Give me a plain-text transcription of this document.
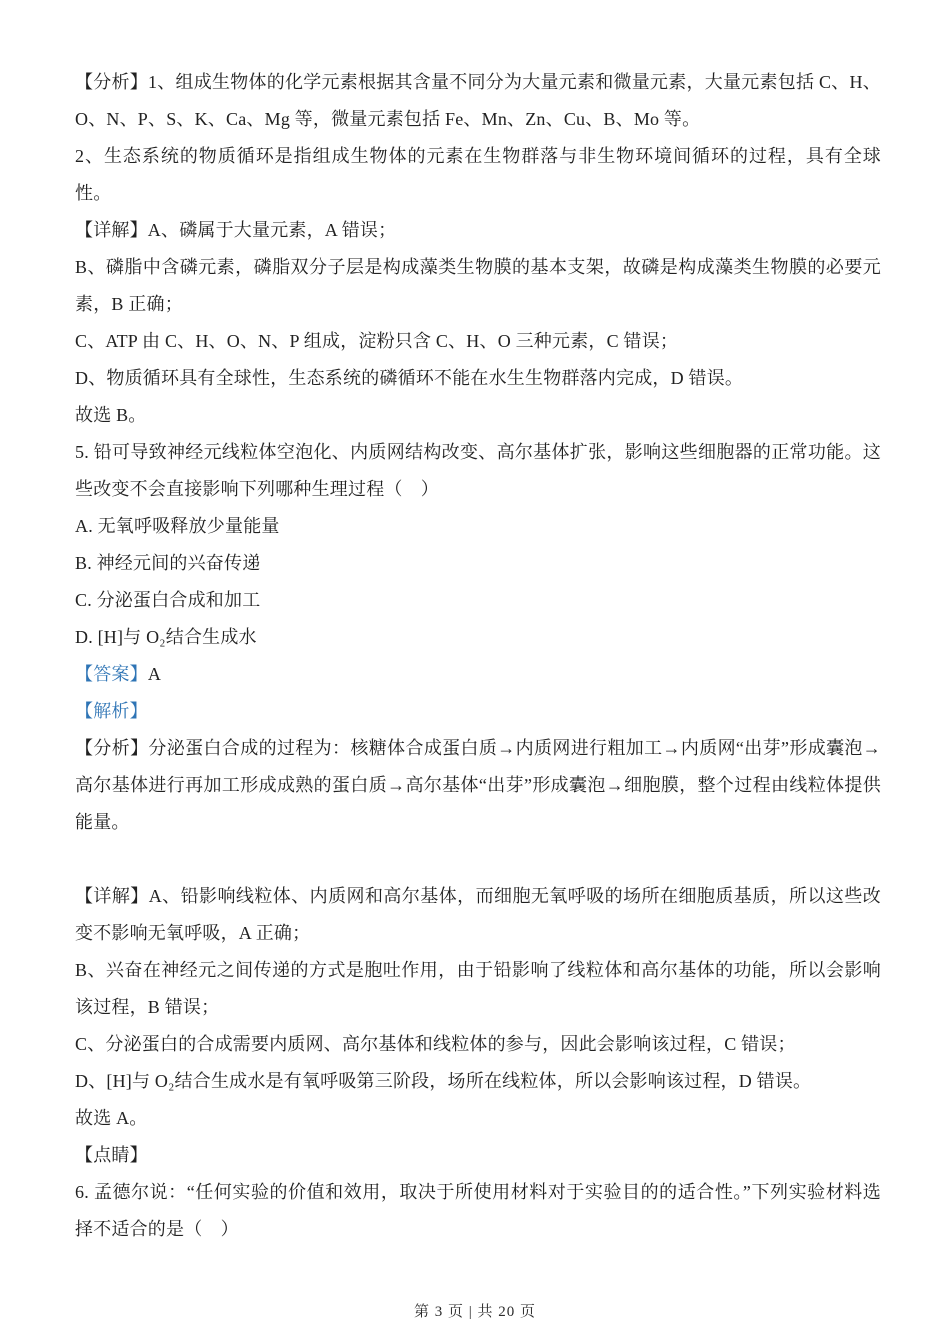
【分析】1、组成生物体的化学元素根据其含量不同分为大量元素和微量元素，大量元素包括 C、H、O、N、P、S、K、Ca、Mg 等，微量元素包括 Fe、Mn、Zn、Cu、B、Mo 等。

2、生态系统的物质循环是指组成生物体的元素在生物群落与非生物环境间循环的过程，具有全球性。

【详解】A、磷属于大量元素，A 错误；

B、磷脂中含磷元素，磷脂双分子层是构成藻类生物膜的基本支架，故磷是构成藻类生物膜的必要元素，B 正确；

C、ATP 由 C、H、O、N、P 组成，淀粉只含 C、H、O 三种元素，C 错误；

D、物质循环具有全球性，生态系统的磷循环不能在水生生物群落内完成，D 错误。

故选 B。

5. 铅可导致神经元线粒体空泡化、内质网结构改变、高尔基体扩张，影响这些细胞器的正常功能。这些改变不会直接影响下列哪种生理过程（　）

A. 无氧呼吸释放少量能量

B. 神经元间的兴奋传递

C. 分泌蛋白合成和加工

D. [H]与 O₂结合生成水

【答案】A

【解析】

【分析】分泌蛋白合成的过程为：核糖体合成蛋白质→内质网进行粗加工→内质网“出芽”形成囊泡→高尔基体进行再加工形成成熟的蛋白质→高尔基体“出芽”形成囊泡→细胞膜，整个过程由线粒体提供能量。

【详解】A、铅影响线粒体、内质网和高尔基体，而细胞无氧呼吸的场所在细胞质基质，所以这些改变不影响无氧呼吸，A 正确；

B、兴奋在神经元之间传递的方式是胞吐作用，由于铅影响了线粒体和高尔基体的功能，所以会影响该过程，B 错误；

C、分泌蛋白的合成需要内质网、高尔基体和线粒体的参与，因此会影响该过程，C 错误；

D、[H]与 O₂结合生成水是有氧呼吸第三阶段，场所在线粒体，所以会影响该过程，D 错误。

故选 A。

【点睛】

6. 孟德尔说：“任何实验的价值和效用，取决于所使用材料对于实验目的的适合性。”下列实验材料选择不适合的是（　）

第 3 页 | 共 20 页
